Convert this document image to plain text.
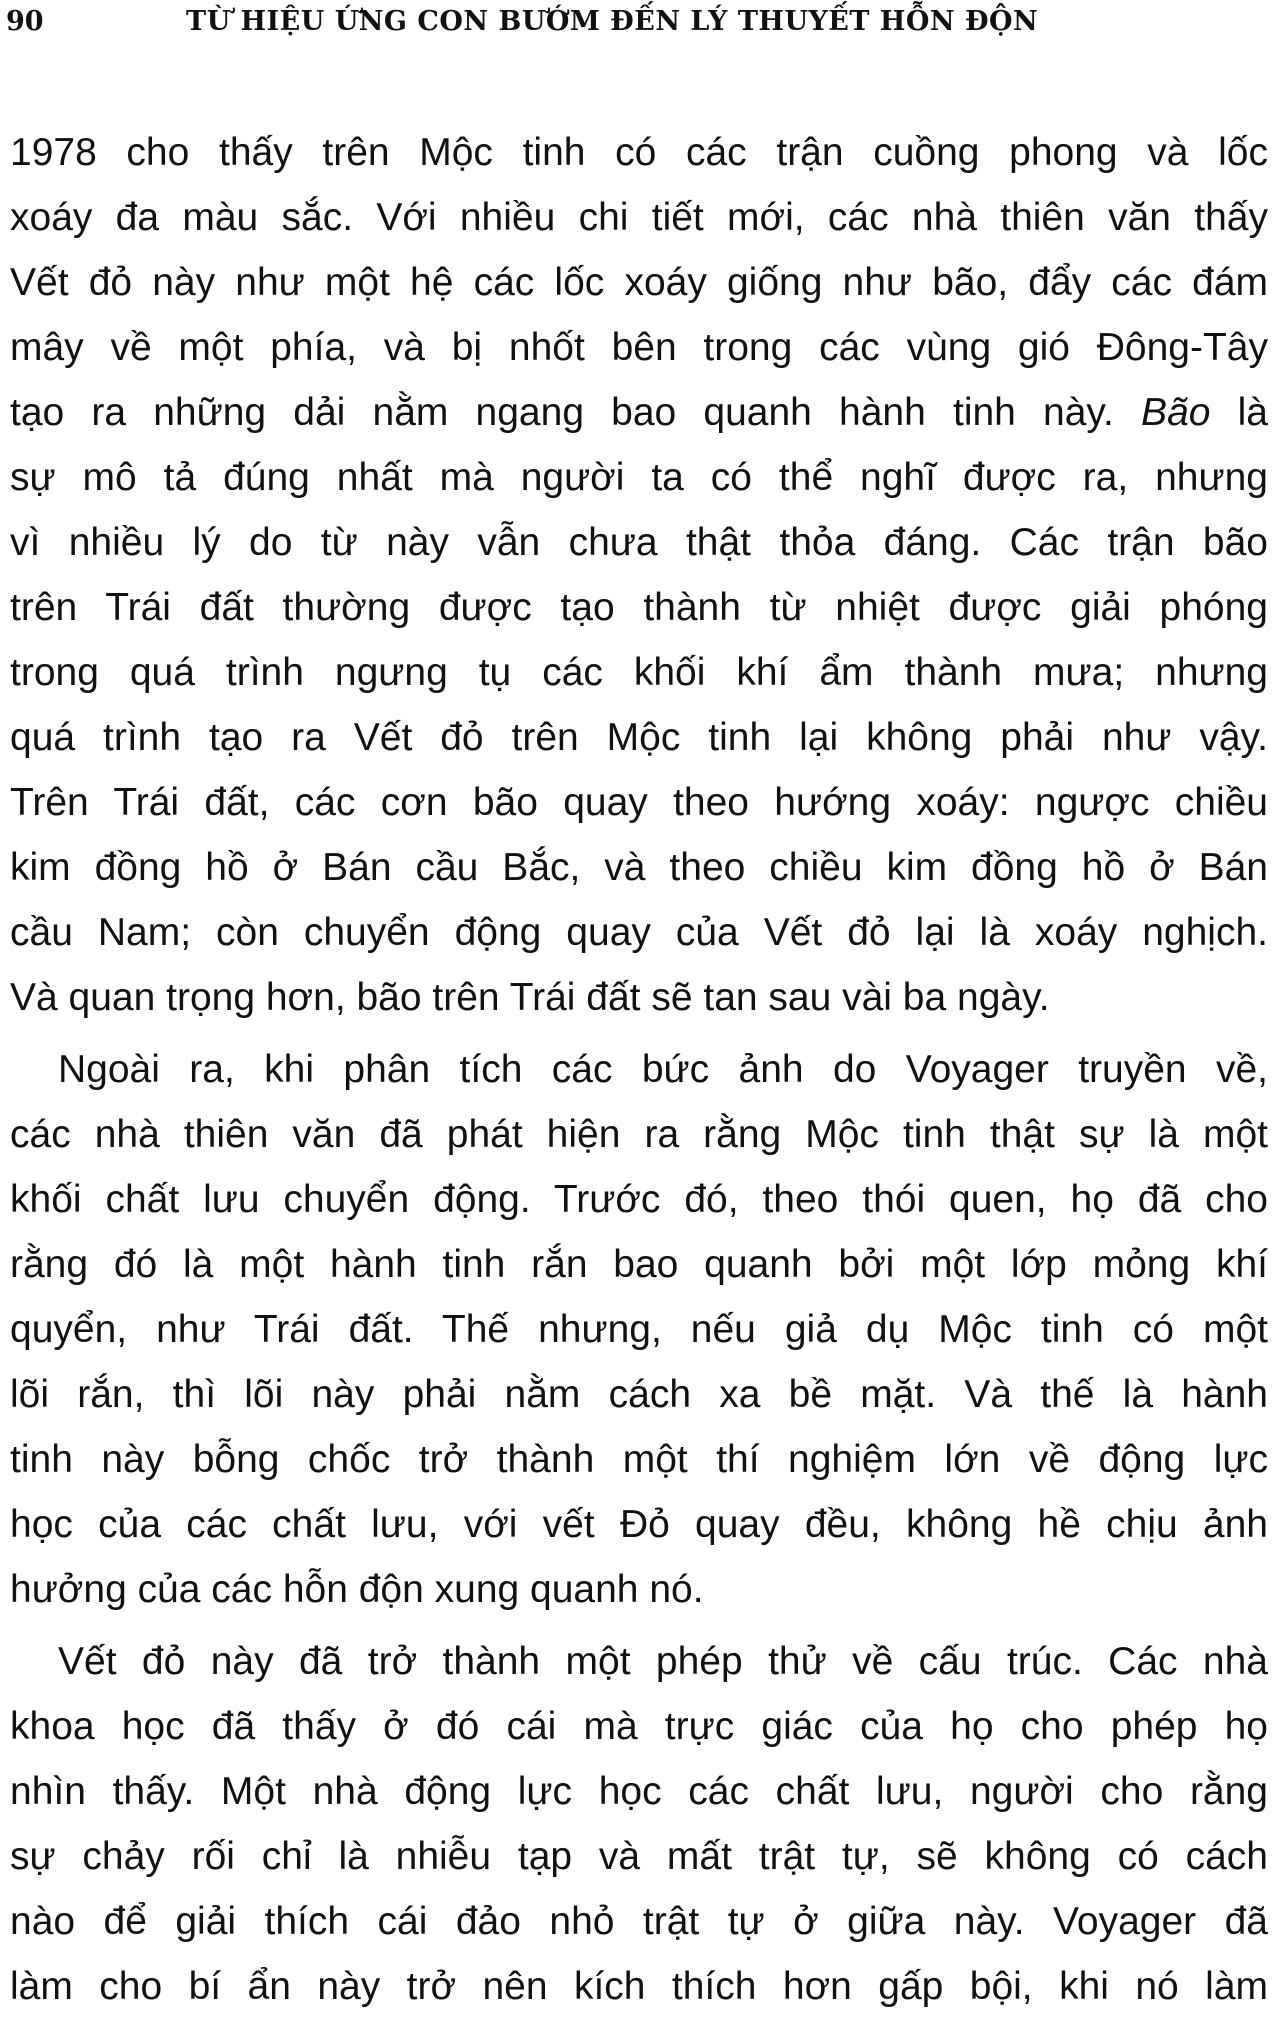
90	TỪ HIỆU ỨNG CON BƯỚM ĐẾN LÝ THUYẾT HỖN ĐỘN
1978 cho thấy trên Mộc tinh có các trận cuồng phong và lốc
xoáy đa màu sắc. Với nhiều chi tiết mới, các nhà thiên văn thấy
Vết đỏ này như một hệ các lốc xoáy giống như bão, đẩy các đám
mây về một phía, và bị nhốt bên trong các vùng gió Đông-Tây
tạo ra những dải nằm ngang bao quanh hành tinh này. Bão là
sự mô tả đúng nhất mà người ta có thể nghĩ được ra, nhưng
vì nhiều lý do từ này vẫn chưa thật thỏa đáng. Các trận bão
trên Trái đất thường được tạo thành từ nhiệt được giải phóng
trong quá trình ngưng tụ các khối khí ẩm thành mưa; nhưng
quá trình tạo ra Vết đỏ trên Mộc tinh lại không phải như vậy.
Trên Trái đất, các cơn bão quay theo hướng xoáy: ngược chiều
kim đồng hồ ở Bán cầu Bắc, và theo chiều kim đồng hồ ở Bán
cầu Nam; còn chuyển động quay của Vết đỏ lại là xoáy nghịch.
Và quan trọng hơn, bão trên Trái đất sẽ tan sau vài ba ngày.
Ngoài ra, khi phân tích các bức ảnh do Voyager truyền về,
các nhà thiên văn đã phát hiện ra rằng Mộc tinh thật sự là một
khối chất lưu chuyển động. Trước đó, theo thói quen, họ đã cho
rằng đó là một hành tinh rắn bao quanh bởi một lớp mỏng khí
quyển, như Trái đất. Thế nhưng, nếu giả dụ Mộc tinh có một
lõi rắn, thì lõi này phải nằm cách xa bề mặt. Và thế là hành
tinh này bỗng chốc trở thành một thí nghiệm lớn về động lực
học của các chất lưu, với vết Đỏ quay đều, không hề chịu ảnh
hưởng của các hỗn độn xung quanh nó.
Vết đỏ này đã trở thành một phép thử về cấu trúc. Các nhà
khoa học đã thấy ở đó cái mà trực giác của họ cho phép họ
nhìn thấy. Một nhà động lực học các chất lưu, người cho rằng
sự chảy rối chỉ là nhiễu tạp và mất trật tự, sẽ không có cách
nào để giải thích cái đảo nhỏ trật tự ở giữa này. Voyager đã
làm cho bí ẩn này trở nên kích thích hơn gấp bội, khi nó làm
